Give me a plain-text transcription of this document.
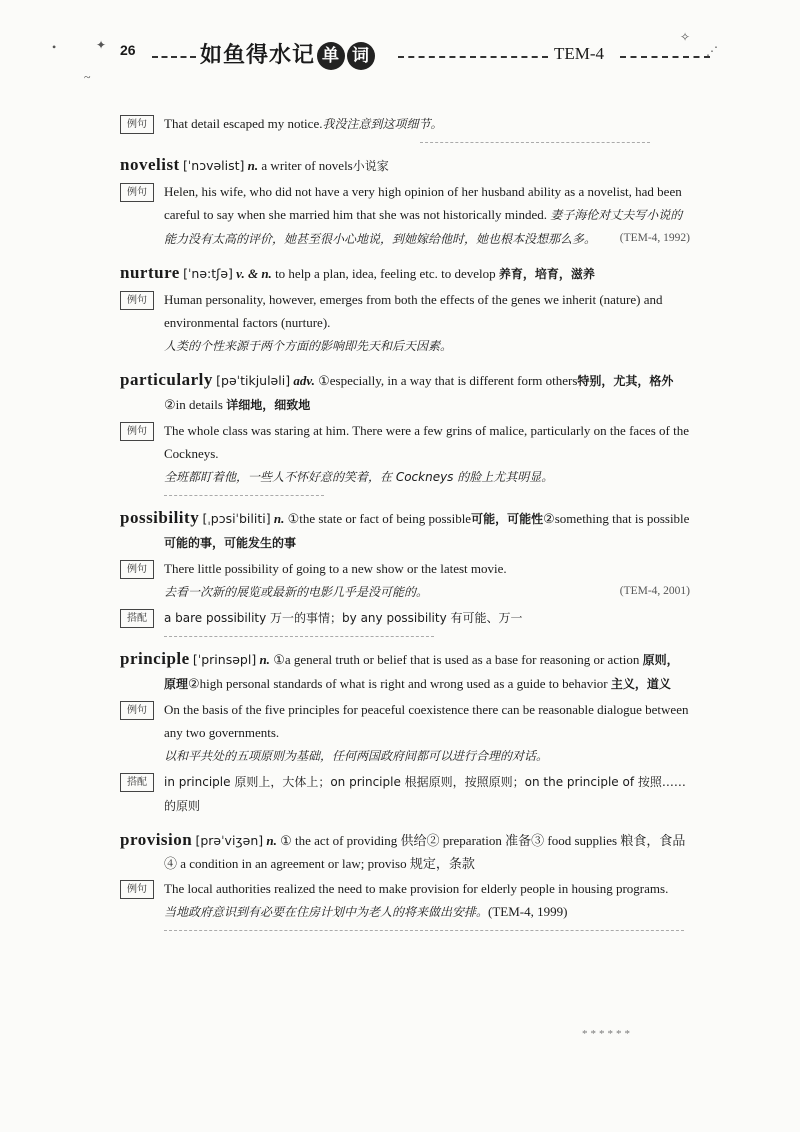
26	如鱼得水记 单 词	TEM-4
•	✦
~
✧
⋰
例句	That detail escaped my notice.我没注意到这项细节。
novelist [ˈnɔvəlist] n. a writer of novels小说家
例句	Helen, his wife, who did not have a very high opinion of her husband ability as a novelist, had been careful to say when she married him that she was not historically minded. 妻子海伦对丈夫写小说的能力没有太高的评价，她甚至很小心地说，到她嫁给他时，她也根本没想那么多。 (TEM-4, 1992)
nurture [ˈnə:tʃə] v. & n. to help a plan, idea, feeling etc. to develop 养育，培育，滋养
例句	Human personality, however, emerges from both the effects of the genes we inherit (nature) and environmental factors (nurture).
人类的个性来源于两个方面的影响即先天和后天因素。
particularly [pəˈtikjuləli] adv. ①especially, in a way that is different form others特别，尤其，格外②in details 详细地，细致地
例句	The whole class was staring at him. There were a few grins of malice, particularly on the faces of the Cockneys.
全班都盯着他，一些人不怀好意的笑着，在 Cockneys 的脸上尤其明显。
possibility [ˌpɔsiˈbiliti] n. ①the state or fact of being possible可能，可能性②something that is possible 可能的事，可能发生的事
例句	There little possibility of going to a new show or the latest movie.
去看一次新的展览或最新的电影几乎是没可能的。	(TEM-4, 2001)
搭配	a bare possibility 万一的事情；by any possibility 有可能、万一
principle [ˈprinsəpl] n. ①a general truth or belief that is used as a base for reasoning or action 原则，原理②high personal standards of what is right and wrong used as a guide to behavior 主义，道义
例句	On the basis of the five principles for peaceful coexistence there can be reasonable dialogue between any two governments.
以和平共处的五项原则为基础，任何两国政府间都可以进行合理的对话。
搭配	in principle 原则上，大体上；on principle 根据原则，按照原则；on the principle of 按照……的原则
provision [prəˈviʒən] n. ① the act of providing 供给② preparation 准备③ food supplies 粮食，食品④ a condition in an agreement or law; proviso 规定，条款
例句	The local authorities realized the need to make provision for elderly people in housing programs.
当地政府意识到有必要在住房计划中为老人的将来做出安排。(TEM-4, 1999)
******
